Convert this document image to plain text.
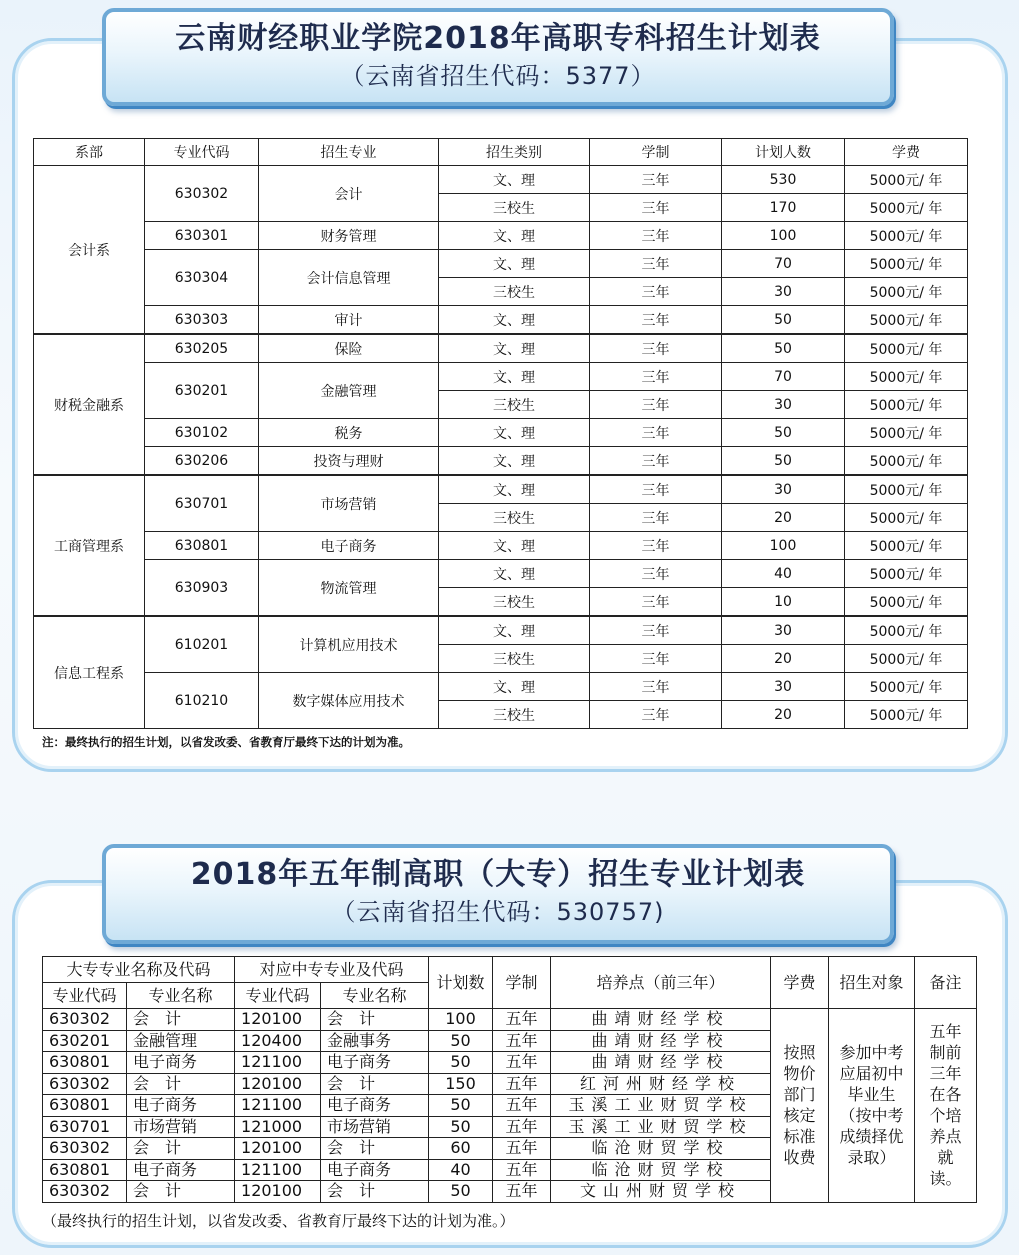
云南财经职业学院2018年高职专科招生计划表
（云南省招生代码：5377）
系部	专业代码	招生专业	招生类别	学制	计划人数	学费
会计系	630302	会计	文、理	三年	530	5000元/ 年
			三校生	三年	170	5000元/ 年
	630301	财务管理	文、理	三年	100	5000元/ 年
	630304	会计信息管理	文、理	三年	70	5000元/ 年
			三校生	三年	30	5000元/ 年
	630303	审计	文、理	三年	50	5000元/ 年
财税金融系	630205	保险	文、理	三年	50	5000元/ 年
	630201	金融管理	文、理	三年	70	5000元/ 年
			三校生	三年	30	5000元/ 年
	630102	税务	文、理	三年	50	5000元/ 年
	630206	投资与理财	文、理	三年	50	5000元/ 年
工商管理系	630701	市场营销	文、理	三年	30	5000元/ 年
			三校生	三年	20	5000元/ 年
	630801	电子商务	文、理	三年	100	5000元/ 年
	630903	物流管理	文、理	三年	40	5000元/ 年
			三校生	三年	10	5000元/ 年
信息工程系	610201	计算机应用技术	文、理	三年	30	5000元/ 年
			三校生	三年	20	5000元/ 年
	610210	数字媒体应用技术	文、理	三年	30	5000元/ 年
			三校生	三年	20	5000元/ 年
注：最终执行的招生计划，以省发改委、省教育厅最终下达的计划为准。
2018年五年制高职（大专）招生专业计划表
（云南省招生代码：530757)
大专专业名称及代码		对应中专专业及代码		计划数	学制	培养点（前三年）	学费	招生对象	备注
专业代码	专业名称	专业代码	专业名称						
630302	会　计	120100	会　计	100	五年	曲靖财经学校	按照物价部门核定标准收费	参加中考应届初中毕业生（按中考成绩择优录取）	五年制前三年在各个培养点就读。
630201	金融管理	120400	金融事务	50	五年	曲靖财经学校			
630801	电子商务	121100	电子商务	50	五年	曲靖财经学校			
630302	会　计	120100	会　计	150	五年	红河州财经学校			
630801	电子商务	121100	电子商务	50	五年	玉溪工业财贸学校			
630701	市场营销	121000	市场营销	50	五年	玉溪工业财贸学校			
630302	会　计	120100	会　计	60	五年	临沧财贸学校			
630801	电子商务	121100	电子商务	40	五年	临沧财贸学校			
630302	会　计	120100	会　计	50	五年	文山州财贸学校			
（最终执行的招生计划，以省发改委、省教育厅最终下达的计划为准。）
